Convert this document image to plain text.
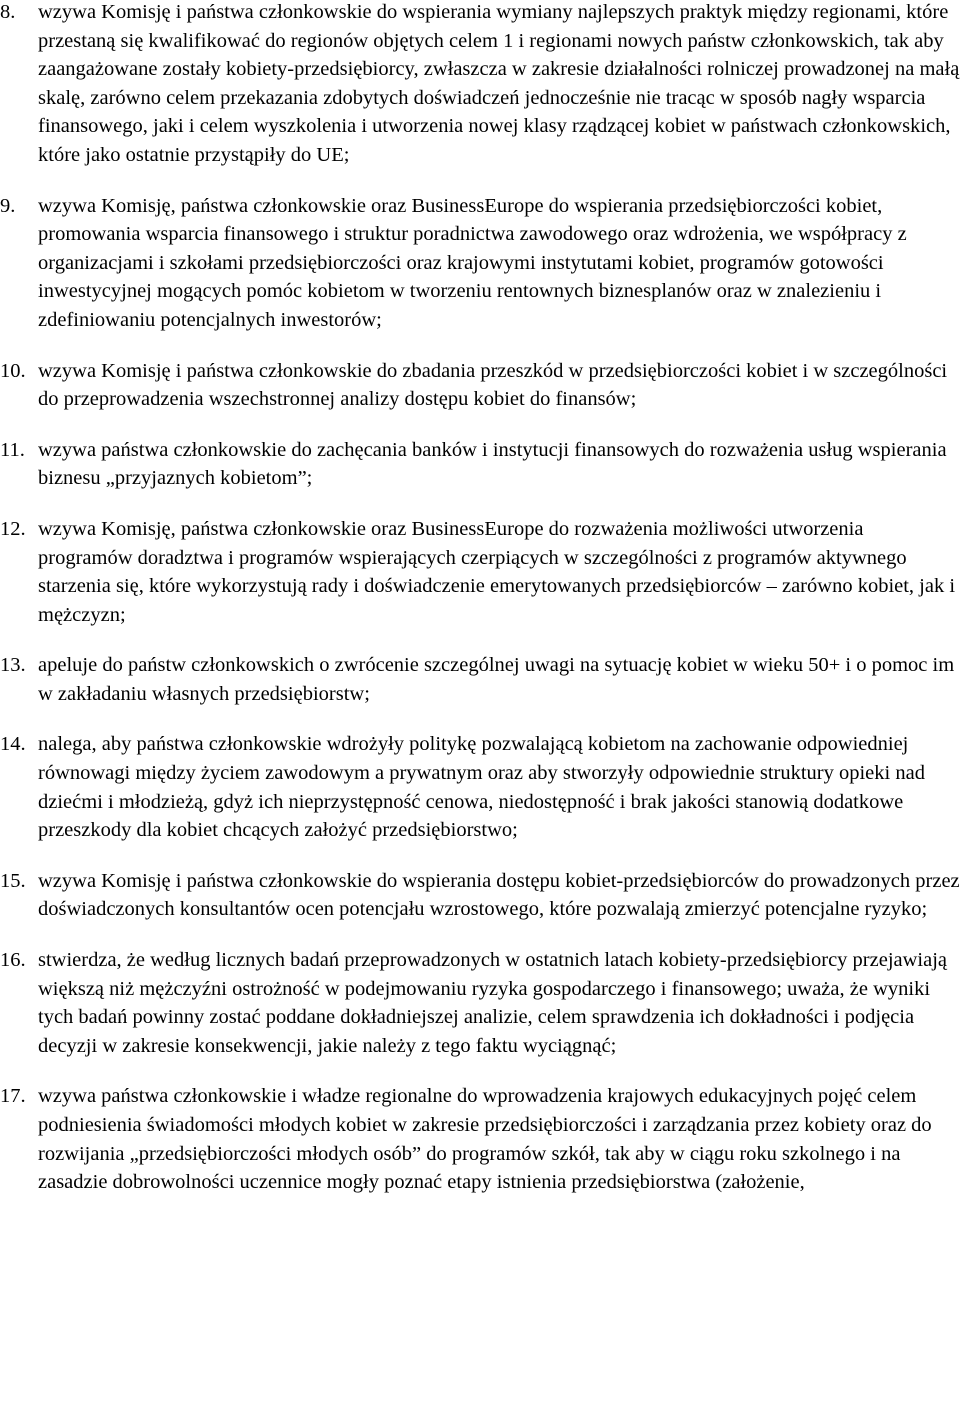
8. wzywa Komisję i państwa członkowskie do wspierania wymiany najlepszych praktyk między regionami, które przestaną się kwalifikować do regionów objętych celem 1 i regionami nowych państw członkowskich, tak aby zaangażowane zostały kobiety-przedsiębiorcy, zwłaszcza w zakresie działalności rolniczej prowadzonej na małą skalę, zarówno celem przekazania zdobytych doświadczeń jednocześnie nie tracąc w sposób nagły wsparcia finansowego, jaki i celem wyszkolenia i utworzenia nowej klasy rządzącej kobiet w państwach członkowskich, które jako ostatnie przystąpiły do UE;

9. wzywa Komisję, państwa członkowskie oraz BusinessEurope do wspierania przedsiębiorczości kobiet, promowania wsparcia finansowego i struktur poradnictwa zawodowego oraz wdrożenia, we współpracy z organizacjami i szkołami przedsiębiorczości oraz krajowymi instytutami kobiet, programów gotowości inwestycyjnej mogących pomóc kobietom w tworzeniu rentownych biznesplanów oraz w znalezieniu i zdefiniowaniu potencjalnych inwestorów;

10. wzywa Komisję i państwa członkowskie do zbadania przeszkód w przedsiębiorczości kobiet i w szczególności do przeprowadzenia wszechstronnej analizy dostępu kobiet do finansów;

11. wzywa państwa członkowskie do zachęcania banków i instytucji finansowych do rozważenia usług wspierania biznesu „przyjaznych kobietom”;

12. wzywa Komisję, państwa członkowskie oraz BusinessEurope do rozważenia możliwości utworzenia programów doradztwa i programów wspierających czerpiących w szczególności z programów aktywnego starzenia się, które wykorzystują rady i doświadczenie emerytowanych przedsiębiorców – zarówno kobiet, jak i mężczyzn;

13. apeluje do państw członkowskich o zwrócenie szczególnej uwagi na sytuację kobiet w wieku 50+ i o pomoc im w zakładaniu własnych przedsiębiorstw;

14. nalega, aby państwa członkowskie wdrożyły politykę pozwalającą kobietom na zachowanie odpowiedniej równowagi między życiem zawodowym a prywatnym oraz aby stworzyły odpowiednie struktury opieki nad dziećmi i młodzieżą, gdyż ich nieprzystępność cenowa, niedostępność i brak jakości stanowią dodatkowe przeszkody dla kobiet chcących założyć przedsiębiorstwo;

15. wzywa Komisję i państwa członkowskie do wspierania dostępu kobiet-przedsiębiorców do prowadzonych przez doświadczonych konsultantów ocen potencjału wzrostowego, które pozwalają zmierzyć potencjalne ryzyko;

16. stwierdza, że według licznych badań przeprowadzonych w ostatnich latach kobiety-przedsiębiorcy przejawiają większą niż mężczyźni ostrożność w podejmowaniu ryzyka gospodarczego i finansowego; uważa, że wyniki tych badań powinny zostać poddane dokładniejszej analizie, celem sprawdzenia ich dokładności i podjęcia decyzji w zakresie konsekwencji, jakie należy z tego faktu wyciągnąć;

17. wzywa państwa członkowskie i władze regionalne do wprowadzenia krajowych edukacyjnych pojęć celem podniesienia świadomości młodych kobiet w zakresie przedsiębiorczości i zarządzania przez kobiety oraz do rozwijania „przedsiębiorczości młodych osób” do programów szkół, tak aby w ciągu roku szkolnego i na zasadzie dobrowolności uczennice mogły poznać etapy istnienia przedsiębiorstwa (założenie,
